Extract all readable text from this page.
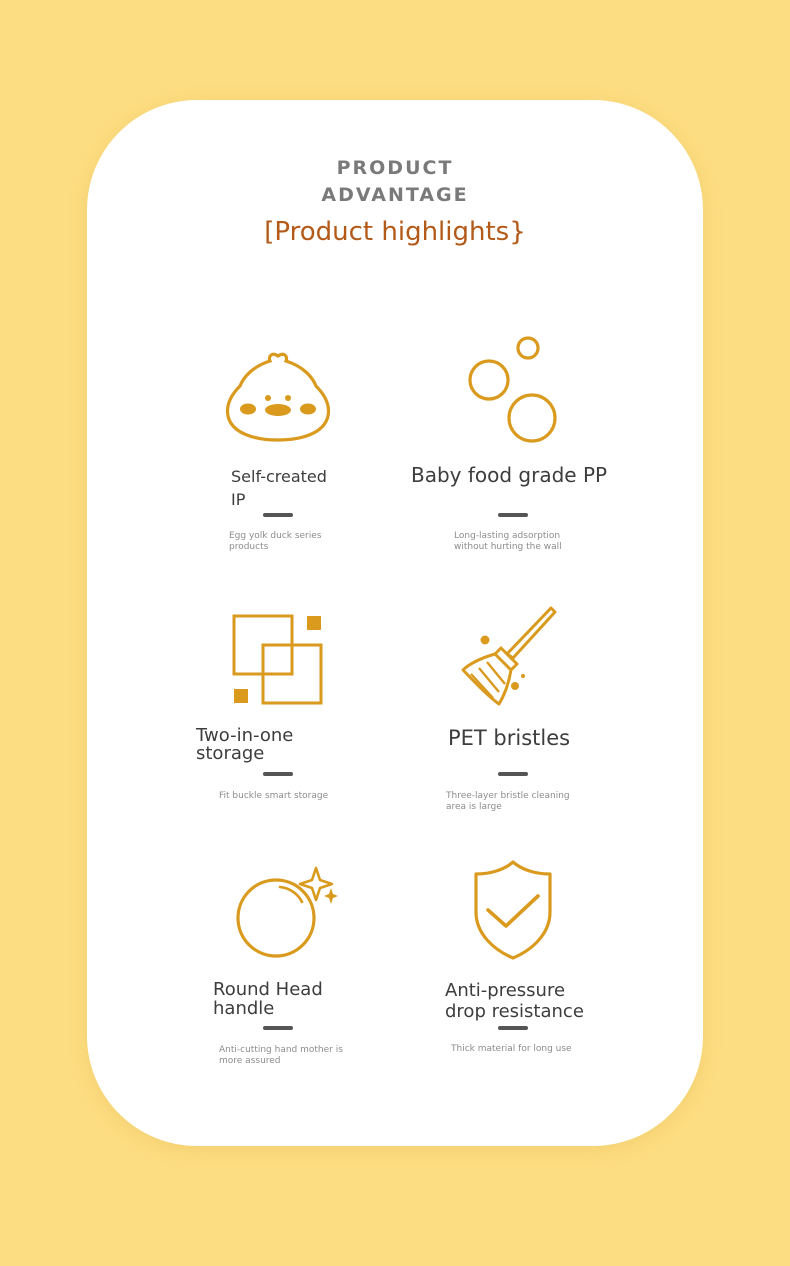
PRODUCT
ADVANTAGE
[Product highlights}
Self-created
IP
Egg yolk duck series
products
Baby food grade PP
Long-lasting adsorption
without hurting the wall
Two-in-one
storage
Fit buckle smart storage
PET bristles
Three-layer bristle cleaning
area is large
Round Head
handle
Anti-cutting hand mother is
more assured
Anti-pressure
drop resistance
Thick material for long use
